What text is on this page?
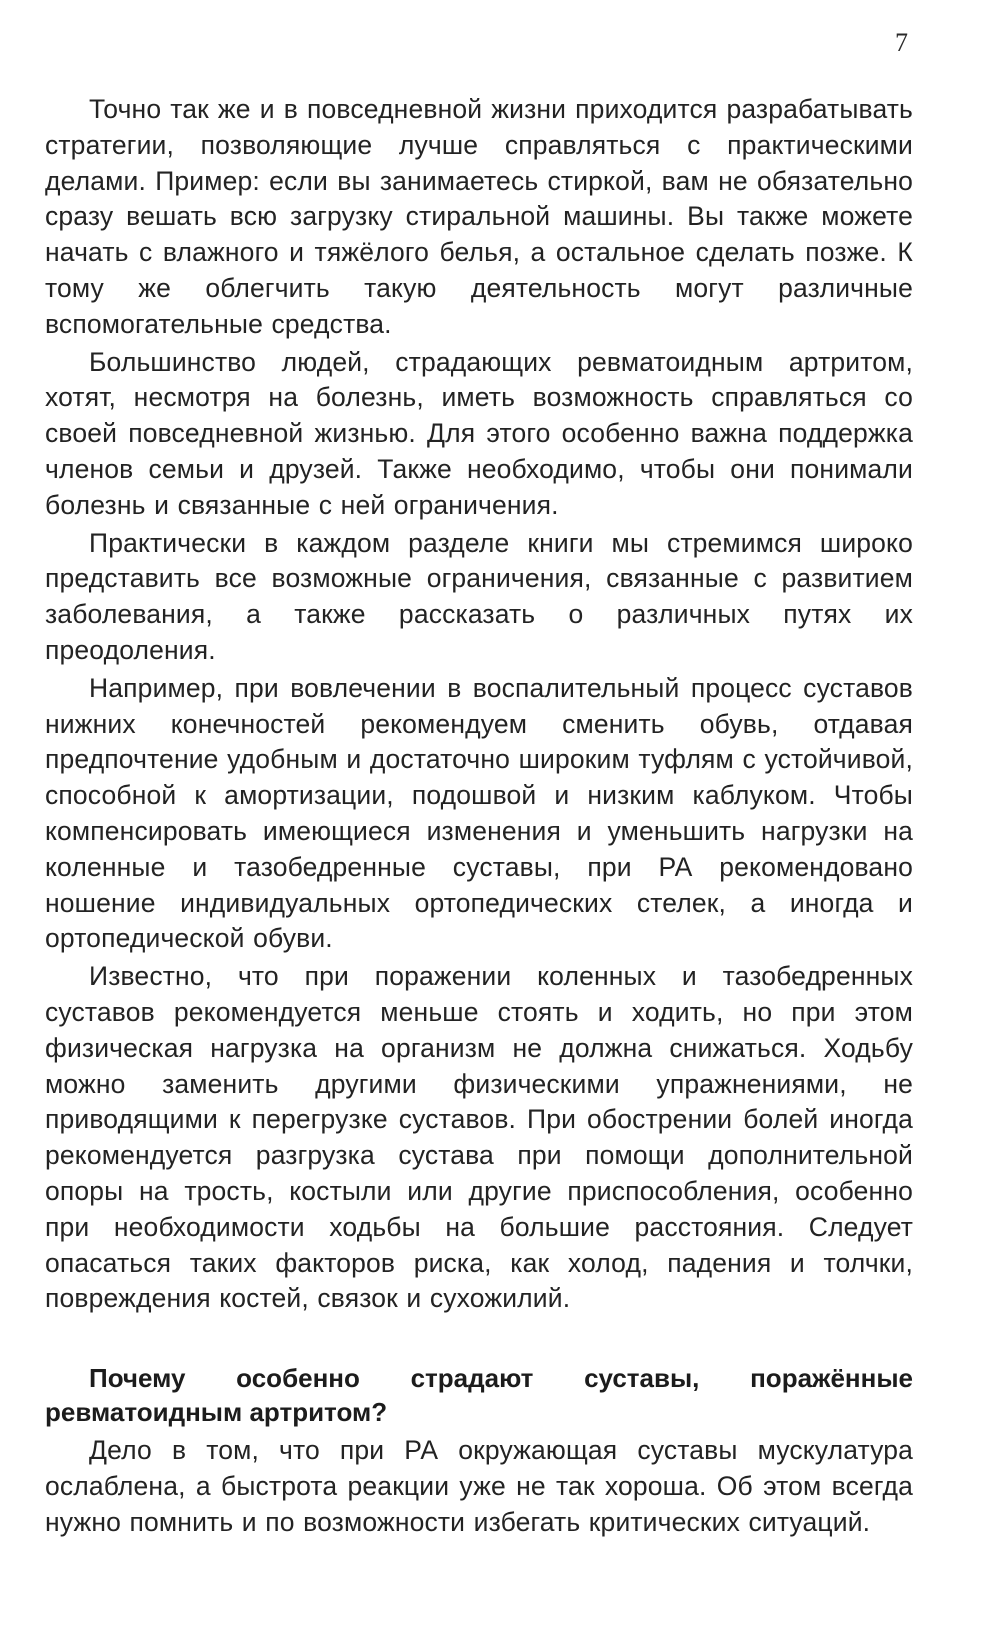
7

Точно так же и в повседневной жизни приходится разрабатывать стратегии, позволяющие лучше справляться с практическими делами. Пример: если вы занимаетесь стиркой, вам не обязательно сразу вешать всю загрузку стиральной машины. Вы также можете начать с влажного и тяжёлого белья, а остальное сделать позже. К тому же облегчить такую деятельность могут различные вспомогательные средства.

Большинство людей, страдающих ревматоидным артритом, хотят, несмотря на болезнь, иметь возможность справляться со своей повседневной жизнью. Для этого особенно важна поддержка членов семьи и друзей. Также необходимо, чтобы они понимали болезнь и связанные с ней ограничения.

Практически в каждом разделе книги мы стремимся широко представить все возможные ограничения, связанные с развитием заболевания, а также рассказать о различных путях их преодоления.

Например, при вовлечении в воспалительный процесс суставов нижних конечностей рекомендуем сменить обувь, отдавая предпочтение удобным и достаточно широким туфлям с устойчивой, способной к амортизации, подошвой и низким каблуком. Чтобы компенсировать имеющиеся изменения и уменьшить нагрузки на коленные и тазобедренные суставы, при РА рекомендовано ношение индивидуальных ортопедических стелек, а иногда и ортопедической обуви.

Известно, что при поражении коленных и тазобедренных суставов рекомендуется меньше стоять и ходить, но при этом физическая нагрузка на организм не должна снижаться. Ходьбу можно заменить другими физическими упражнениями, не приводящими к перегрузке суставов. При обострении болей иногда рекомендуется разгрузка сустава при помощи дополнительной опоры на трость, костыли или другие приспособления, особенно при необходимости ходьбы на большие расстояния. Следует опасаться таких факторов риска, как холод, падения и толчки, повреждения костей, связок и сухожилий.

Почему особенно страдают суставы, поражённые ревматоидным артритом?

Дело в том, что при РА окружающая суставы мускулатура ослаблена, а быстрота реакции уже не так хороша. Об этом всегда нужно помнить и по возможности избегать критических ситуаций.
